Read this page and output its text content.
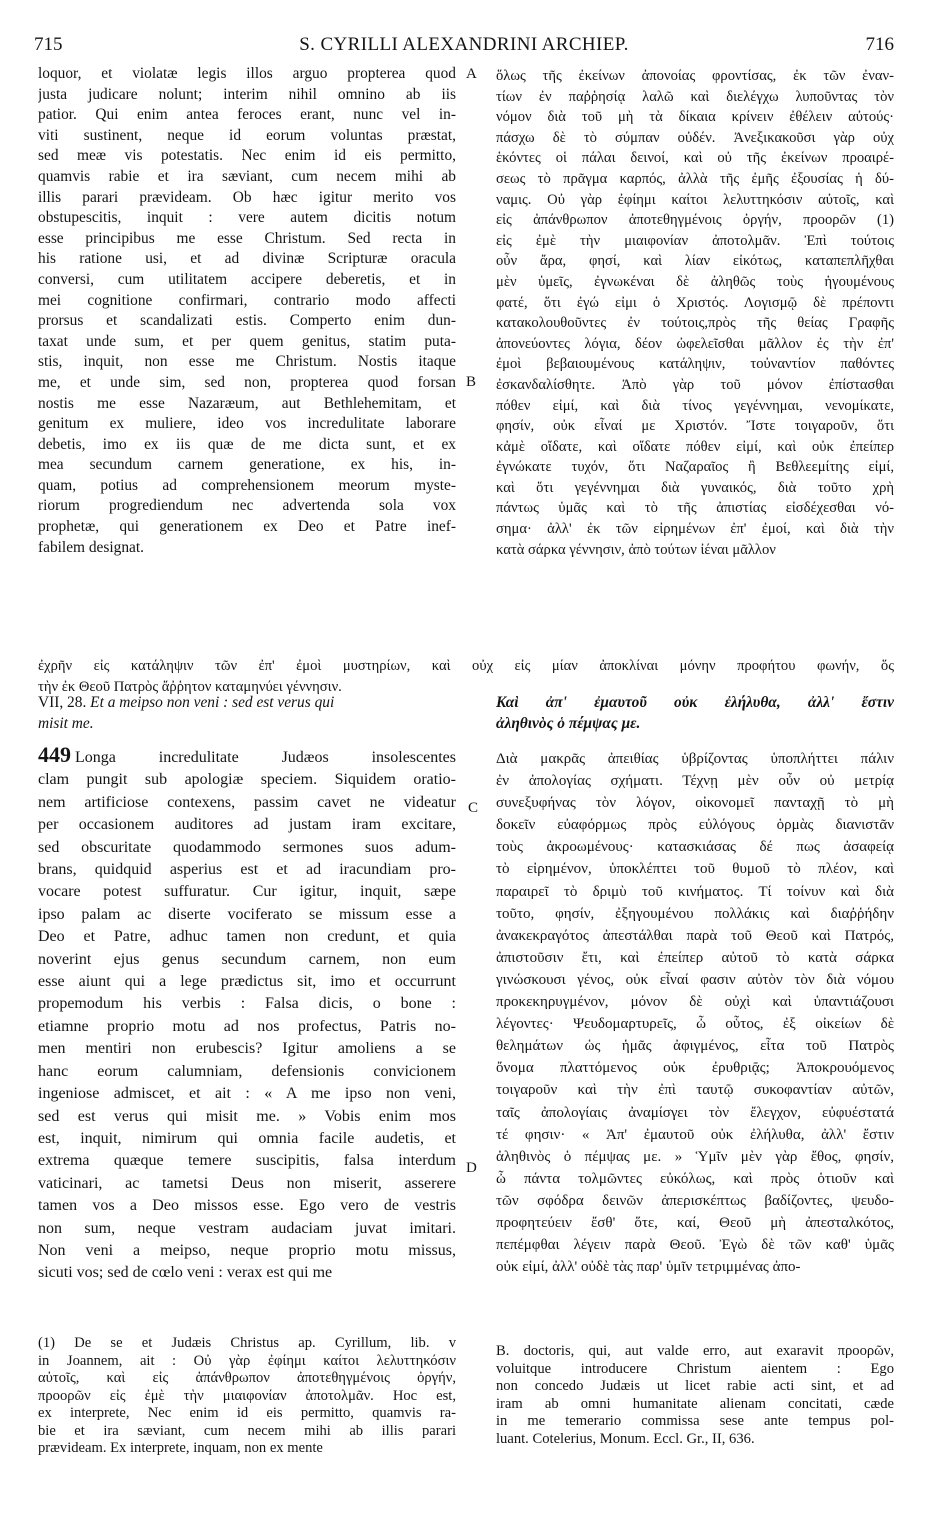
715	S. CYRILLI ALEXANDRINI ARCHIEP.	716
A
B
C
D
loquor, et violatæ legis illos arguo propterea quod
justa judicare nolunt; interim nihil omnino ab iis
patior. Qui enim antea feroces erant, nunc vel in-
viti sustinent, neque id eorum voluntas præstat,
sed meæ vis potestatis. Nec enim id eis permitto,
quamvis rabie et ira sæviant, cum necem mihi ab
illis parari prævideam. Ob hæc igitur merito vos
obstupescitis, inquit : vere autem dicitis notum
esse principibus me esse Christum. Sed recta in
his ratione usi, et ad divinæ Scripturæ oracula
conversi, cum utilitatem accipere deberetis, et in
mei cognitione confirmari, contrario modo affecti
prorsus et scandalizati estis. Comperto enim dun-
taxat unde sum, et per quem genitus, statim puta-
stis, inquit, non esse me Christum. Nostis itaque
me, et unde sim, sed non, propterea quod forsan
nostis me esse Nazaræum, aut Bethlehemitam, et
genitum ex muliere, ideo vos incredulitate laborare
debetis, imo ex iis quæ de me dicta sunt, et ex
mea secundum carnem generatione, ex his, in-
quam, potius ad comprehensionem meorum myste-
riorum progrediendum nec advertenda sola vox
prophetæ, qui generationem ex Deo et Patre inef-
fabilem designat.
ὅλως τῆς ἐκείνων ἀπονοίας φροντίσας, ἐκ τῶν ἐναν-
τίων ἐν παῤῥησίᾳ λαλῶ καὶ διελέγχω λυποῦντας τὸν
νόμον διὰ τοῦ μὴ τὰ δίκαια κρίνειν ἐθέλειν αὐτούς·
πάσχω δὲ τὸ σύμπαν οὐδέν. Ἀνεξικακοῦσι γὰρ οὐχ
ἑκόντες οἱ πάλαι δεινοί, καὶ οὐ τῆς ἐκείνων προαιρέ-
σεως τὸ πρᾶγμα καρπός, ἀλλὰ τῆς ἐμῆς ἐξουσίας ἡ δύ-
ναμις. Οὐ γὰρ ἐφίημι καίτοι λελυττηκόσιν αὐτοῖς, καὶ
εἰς ἀπάνθρωπον ἀποτεθηγμένοις ὀργήν, προορῶν (1)
εἰς ἐμὲ τὴν μιαιφονίαν ἀποτολμᾶν. Ἐπὶ τούτοις
οὖν ἄρα, φησί, καὶ λίαν εἰκότως, καταπεπλῆχθαι
μὲν ὑμεῖς, ἐγνωκέναι δὲ ἀληθῶς τοὺς ἡγουμένους
φατέ, ὅτι ἐγώ εἰμι ὁ Χριστός. Λογισμῷ δὲ πρέποντι
κατακολουθοῦντες ἐν τούτοις,πρὸς τῆς θείας Γραφῆς
ἀπονεύοντες λόγια, δέον ὠφελεῖσθαι μᾶλλον ἐς τὴν ἐπ'
ἐμοὶ βεβαιουμένους κατάληψιν, τοὐναντίον παθόντες
ἐσκανδαλίσθητε. Ἀπὸ γὰρ τοῦ μόνον ἐπίστασθαι
πόθεν εἰμί, καὶ διὰ τίνος γεγέννημαι, νενομίκατε,
φησίν, οὐκ εἶναί με Χριστόν. Ἴστε τοιγαροῦν, ὅτι
κἀμὲ οἴδατε, καὶ οἴδατε πόθεν εἰμί, καὶ οὐκ ἐπείπερ
ἐγνώκατε τυχόν, ὅτι Ναζαραῖος ἢ Βεθλεεμίτης εἰμί,
καὶ ὅτι γεγέννημαι διὰ γυναικός, διὰ τοῦτο χρὴ
πάντως ὑμᾶς καὶ τὸ τῆς ἀπιστίας εἰσδέχεσθαι νό-
σημα· ἀλλ' ἐκ τῶν εἰρημένων ἐπ' ἐμοί, καὶ διὰ τὴν
κατὰ σάρκα γέννησιν, ἀπὸ τούτων ἰέναι μᾶλλον
ἐχρῆν εἰς κατάληψιν τῶν ἐπ' ἐμοὶ μυστηρίων, καὶ οὐχ εἰς μίαν ἀποκλίναι μόνην προφήτου φωνήν, ὅς
τὴν ἐκ Θεοῦ Πατρὸς ἄῤῥητον καταμηνύει γέννησιν.
VII, 28. Et a meipso non veni : sed est verus qui
misit me.
Καὶ ἀπ' ἐμαυτοῦ οὐκ ἐλήλυθα, ἀλλ' ἔστιν
ἀληθινὸς ὁ πέμψας με.
449 Longa incredulitate Judæos insolescentes
clam pungit sub apologiæ speciem. Siquidem oratio-
nem artificiose contexens, passim cavet ne videatur
per occasionem auditores ad justam iram excitare,
sed obscuritate quodammodo sermones suos adum-
brans, quidquid asperius est et ad iracundiam pro-
vocare potest suffuratur. Cur igitur, inquit, sæpe
ipso palam ac diserte vociferato se missum esse a
Deo et Patre, adhuc tamen non credunt, et quia
noverint ejus genus secundum carnem, non eum
esse aiunt qui a lege prædictus sit, imo et occurrunt
propemodum his verbis : Falsa dicis, o bone :
etiamne proprio motu ad nos profectus, Patris no-
men mentiri non erubescis? Igitur amoliens a se
hanc eorum calumniam, defensionis convicionem
ingeniose admiscet, et ait : « A me ipso non veni,
sed est verus qui misit me. » Vobis enim mos
est, inquit, nimirum qui omnia facile audetis, et
extrema quæque temere suscipitis, falsa interdum
vaticinari, ac tametsi Deus non miserit, asserere
tamen vos a Deo missos esse. Ego vero de vestris
non sum, neque vestram audaciam juvat imitari.
Non veni a meipso, neque proprio motu missus,
sicuti vos; sed de cœlo veni : verax est qui me
Διὰ μακρᾶς ἀπειθίας ὑβρίζοντας ὑποπλήττει πάλιν
ἐν ἀπολογίας σχήματι. Τέχνῃ μὲν οὖν οὐ μετρίᾳ
συνεξυφήνας τὸν λόγον, οἰκονομεῖ πανταχῇ τὸ μὴ
δοκεῖν εὐαφόρμως πρὸς εὐλόγους ὁρμὰς διανιστᾶν
τοὺς ἀκροωμένους· κατασκιάσας δέ πως ἀσαφείᾳ
τὸ εἰρημένον, ὑποκλέπτει τοῦ θυμοῦ τὸ πλέον, καὶ
παραιρεῖ τὸ δριμὺ τοῦ κινήματος. Τί τοίνυν καὶ διὰ
τοῦτο, φησίν, ἐξηγουμένου πολλάκις καὶ διαῤῥήδην
ἀνακεκραγότος ἀπεστάλθαι παρὰ τοῦ Θεοῦ καὶ Πατρός,
ἀπιστοῦσιν ἔτι, καὶ ἐπείπερ αὐτοῦ τὸ κατὰ σάρκα
γινώσκουσι γένος, οὐκ εἶναί φασιν αὐτὸν τὸν διὰ νόμου
προκεκηρυγμένον, μόνον δὲ οὐχὶ καὶ ὑπαντιάζουσι
λέγοντες· Ψευδομαρτυρεῖς, ὦ οὗτος, ἐξ οἰκείων δὲ
θελημάτων ὡς ἡμᾶς ἀφιγμένος, εἶτα τοῦ Πατρὸς
ὄνομα πλαττόμενος οὐκ ἐρυθριᾷς; Ἀποκρουόμενος
τοιγαροῦν καὶ τὴν ἐπὶ ταυτῷ συκοφαντίαν αὐτῶν,
ταῖς ἀπολογίαις ἀναμίσγει τὸν ἔλεγχον, εὐφυέστατά
τέ φησιν· « Ἀπ' ἐμαυτοῦ οὐκ ἐλήλυθα, ἀλλ' ἔστιν
ἀληθινὸς ὁ πέμψας με. » Ὑμῖν μὲν γὰρ ἔθος, φησίν,
ὦ πάντα τολμῶντες εὐκόλως, καὶ πρὸς ὁτιοῦν καὶ
τῶν σφόδρα δεινῶν ἀπερισκέπτως βαδίζοντες, ψευδο-
προφητεύειν ἔσθ' ὅτε, καί, Θεοῦ μὴ ἀπεσταλκότος,
πεπέμφθαι λέγειν παρὰ Θεοῦ. Ἐγὼ δὲ τῶν καθ' ὑμᾶς
οὐκ εἰμί, ἀλλ' οὐδὲ τὰς παρ' ὑμῖν τετριμμένας ἀπο-
(1) De se et Judæis Christus ap. Cyrillum, lib. v
in Joannem, ait : Οὐ γὰρ ἐφίημι καίτοι λελυττηκόσιν
αὐτοῖς, καὶ εἰς ἀπάνθρωπον ἀποτεθηγμένοις ὀργήν,
προορῶν εἰς ἐμὲ τὴν μιαιφονίαν ἀποτολμᾶν. Hoc est,
ex interprete, Nec enim id eis permitto, quamvis ra-
bie et ira sæviant, cum necem mihi ab illis parari
prævideam. Ex interprete, inquam, non ex mente
B. doctoris, qui, aut valde erro, aut exaravit προορῶν,
voluitque introducere Christum aientem : Ego
non concedo Judæis ut licet rabie acti sint, et ad
iram ab omni humanitate alienam concitati, cæde
in me temerario commissa sese ante tempus pol-
luant. Cotelerius, Monum. Eccl. Gr., II, 636.
